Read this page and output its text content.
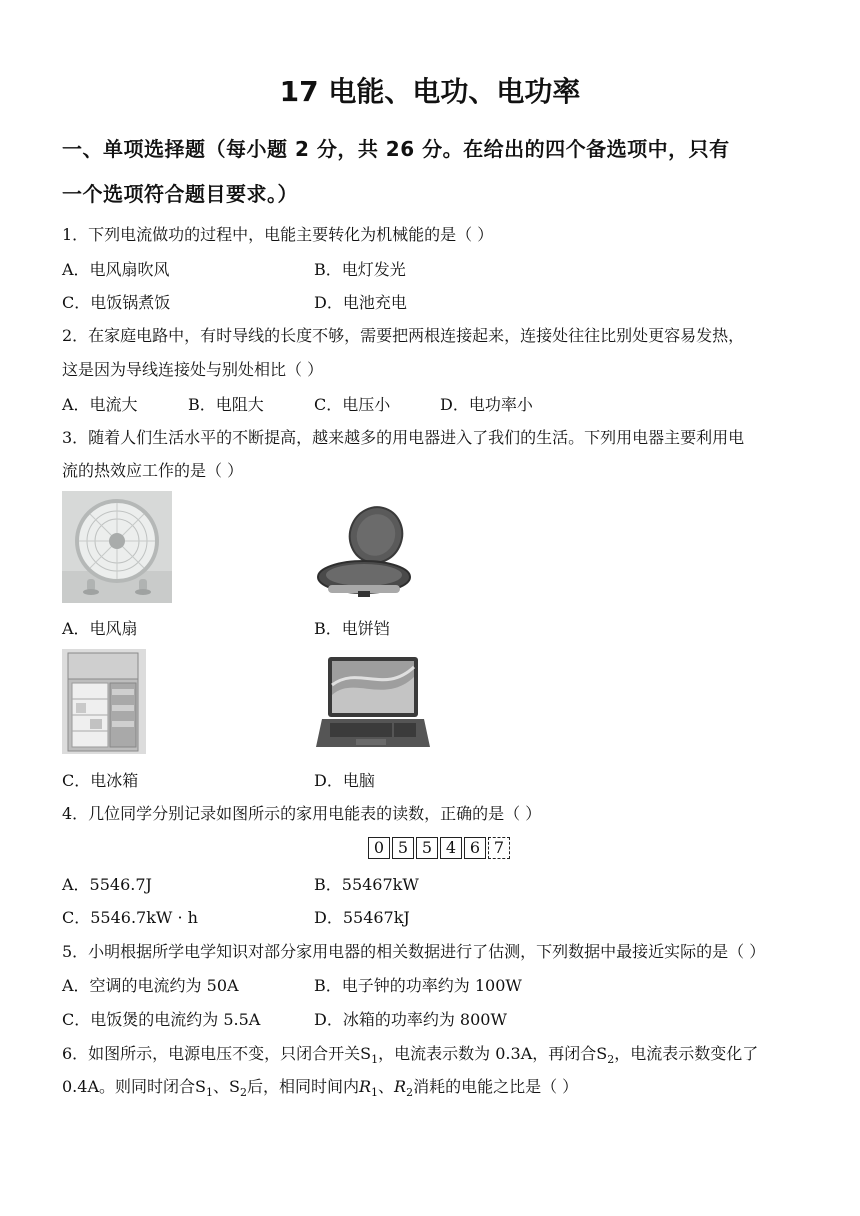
17 电能、电功、电功率
一、单项选择题（每小题 2 分，共 26 分。在给出的四个备选项中，只有
一个选项符合题目要求。）
1．下列电流做功的过程中，电能主要转化为机械能的是（ ）
A．电风扇吹风	B．电灯发光
C．电饭锅煮饭	D．电池充电
2．在家庭电路中，有时导线的长度不够，需要把两根连接起来，连接处往往比别处更容易发热，
这是因为导线连接处与别处相比（ ）
A．电流大	B．电阻大	C．电压小	D．电功率小
3．随着人们生活水平的不断提高，越来越多的用电器进入了我们的生活。下列用电器主要利用电
流的热效应工作的是（ ）
A．电风扇	B．电饼铛
C．电冰箱	D．电脑
4．几位同学分别记录如图所示的家用电能表的读数，正确的是（ ）
0 5 5 4 6 7
A．5546.7J	B．55467kW
C．5546.7kW · h	D．55467kJ
5．小明根据所学电学知识对部分家用电器的相关数据进行了估测，下列数据中最接近实际的是（ ）
A．空调的电流约为 50A	B．电子钟的功率约为 100W
C．电饭煲的电流约为 5.5A	D．冰箱的功率约为 800W
6．如图所示，电源电压不变，只闭合开关$S_1$，电流表示数为 0.3A，再闭合$S_2$，电流表示数变化了
0.4A。则同时闭合$S_1$、$S_2$后，相同时间内$R_1$、$R_2$消耗的电能之比是（ ）
